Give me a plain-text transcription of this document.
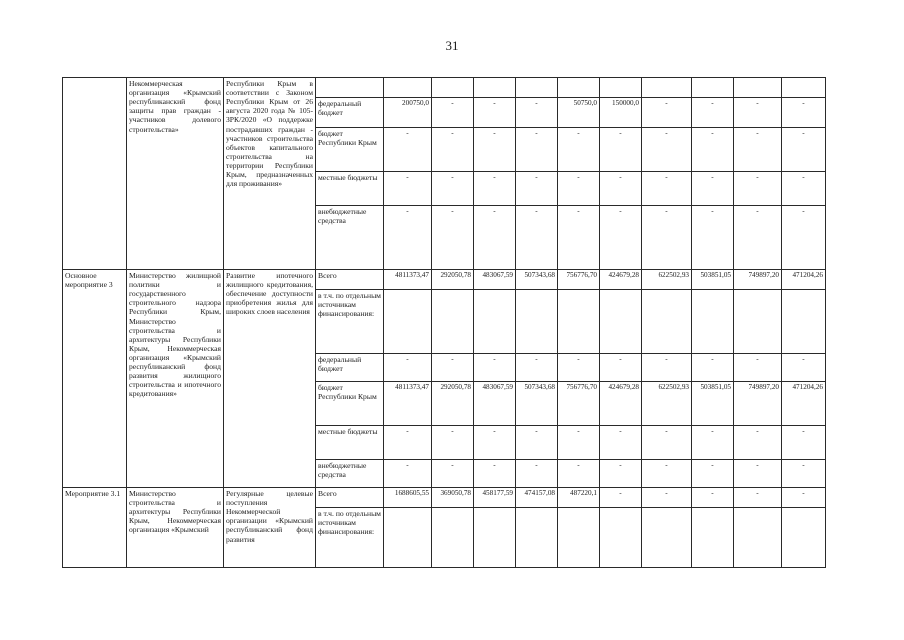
31

	Некоммерческая организация «Крымский республиканский фонд защиты прав граждан - участников долевого строительства»	Республики Крым в соответствии с Законом Республики Крым от 26 августа 2020 года № 105-ЗРК/2020 «О поддержке пострадавших граждан - участников строительства объектов капитального строительства на территории Республики Крым, предназначенных для проживания»											

			федеральный бюджет	200750,0	-	-	-	50750,0	150000,0	-	-	-	-
			бюджет Республики Крым	-	-	-	-	-	-	-	-	-	-
			местные бюджеты	-	-	-	-	-	-	-	-	-	-
			внебюджетные средства	-	-	-	-	-	-	-	-	-	-

Основное мероприятие 3	Министерство жилищной политики и государственного строительного надзора Республики Крым, Министерство строительства и архитектуры Республики Крым, Некоммерческая организация «Крымский республиканский фонд развития жилищного строительства и ипотечного кредитования»	Развитие ипотечного жилищного кредитования, обеспечение доступности приобретения жилья для широких слоев населения	Всего	4811373,47	292050,78	483067,59	507343,68	756776,70	424679,28	622502,93	503851,05	749897,20	471204,26
			в т.ч. по отдельным источникам финансирования:										
			федеральный бюджет	-	-	-	-	-	-	-	-	-	-
			бюджет Республики Крым	4811373,47	292050,78	483067,59	507343,68	756776,70	424679,28	622502,93	503851,05	749897,20	471204,26
			местные бюджеты	-	-	-	-	-	-	-	-	-	-
			внебюджетные средства	-	-	-	-	-	-	-	-	-	-

Мероприятие 3.1	Министерство строительства и архитектуры Республики Крым, Некоммерческая организация «Крымский	Регулярные целевые поступления Некоммерческой организации «Крымский республиканский фонд развития	Всего	1688605,55	369050,78	458177,59	474157,08	487220,1	-	-	-	-	-
			в т.ч. по отдельным источникам финансирования:										
